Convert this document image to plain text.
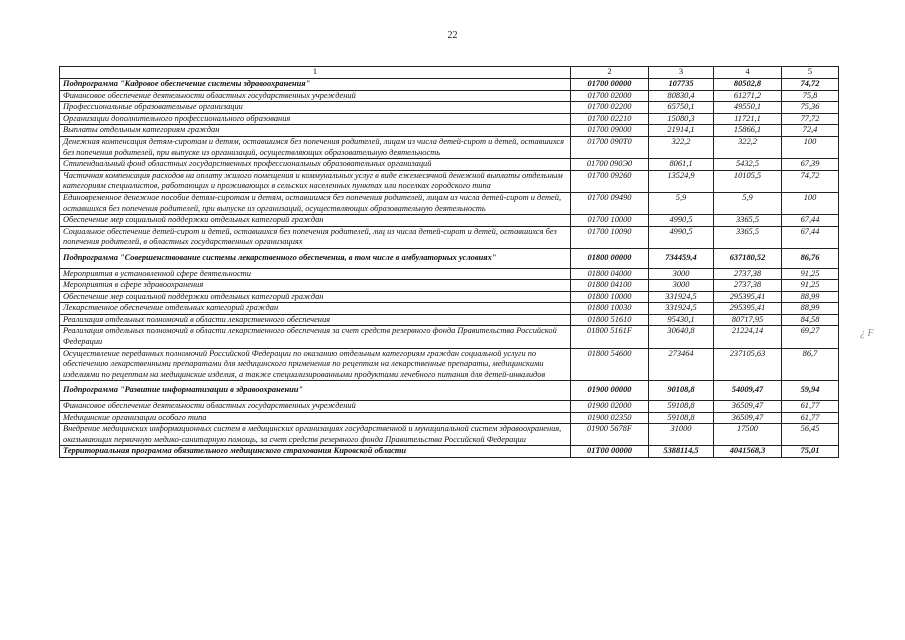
22
¿ F
1	2	3	4	5
Подпрограмма "Кадровое обеспечение системы здравоохранения"	01700 00000	107735	80502,8	74,72
Финансовое обеспечение деятельности областных государственных учреждений	01700 02000	80830,4	61271,2	75,8
Профессиональные образовательные организации	01700 02200	65750,1	49550,1	75,36
Организации дополнительного профессионального образования	01700 02210	15080,3	11721,1	77,72
Выплаты отдельным категориям граждан	01700 09000	21914,1	15866,1	72,4
Денежная компенсация детям-сиротам и детям, оставшимся без попечения родителей, лицам из числа детей-сирот и детей, оставшихся без попечения родителей, при выпуске из организаций, осуществляющих образовательную деятельность	01700 090Т0	322,2	322,2	100
Стипендиальный фонд областных государственных профессиональных образовательных организаций	01700 090Э0	8061,1	5432,5	67,39
Частичная компенсация расходов на оплату жилого помещения и коммунальных услуг в виде ежемесячной денежной выплаты отдельным категориям специалистов, работающих и проживающих в сельских населенных пунктах или поселках городского типа	01700 09260	13524,9	10105,5	74,72
Единовременное денежное пособие детям-сиротам и детям, оставшимся без попечения родителей, лицам из числа детей-сирот и детей, оставшихся без попечения родителей, при выпуске из организаций, осуществляющих образовательную деятельность	01700 09490	5,9	5,9	100
Обеспечение мер социальной поддержки отдельных категорий граждан	01700 10000	4990,5	3365,5	67,44
Социальное обеспечение детей-сирот и детей, оставшихся без попечения родителей, лиц из числа детей-сирот и детей, оставшихся без попечения родителей, в областных государственных организациях	01700 10090	4990,5	3365,5	67,44
Подпрограмма "Совершенствование системы лекарственного обеспечения, в том числе в амбулаторных условиях"	01800 00000	734459,4	637180,52	86,76
Мероприятия в установленной сфере деятельности	01800 04000	3000	2737,38	91,25
Мероприятия в сфере здравоохранения	01800 04100	3000	2737,38	91,25
Обеспечение мер социальной поддержки отдельных категорий граждан	01800 10000	331924,5	295395,41	88,99
Лекарственное обеспечение отдельных категорий граждан	01800 10030	331924,5	295395,41	88,99
Реализация отдельных полномочий в области лекарственного обеспечения	01800 51610	95430,1	80717,95	84,58
Реализация отдельных полномочий в области лекарственного обеспечения за счет средств резервного фонда Правительства Российской Федерации	01800 5161F	30640,8	21224,14	69,27
Осуществление переданных полномочий Российской Федерации по оказанию отдельным категориям граждан социальной услуги по обеспечению лекарственными препаратами для медицинского применения по рецептам на лекарственные препараты, медицинскими изделиями по рецептам на медицинские изделия, а также специализированными продуктами лечебного питания для детей-инвалидов	01800 54600	273464	237105,63	86,7
Подпрограмма "Развитие информатизации в здравоохранении"	01900 00000	90108,8	54009,47	59,94
Финансовое обеспечение деятельности областных государственных учреждений	01900 02000	59108,8	36509,47	61,77
Медицинские организации особого типа	01900 02350	59108,8	36509,47	61,77
Внедрение медицинских информационных систем в медицинских организациях государственной и муниципальной систем здравоохранения, оказывающих первичную медико-санитарную помощь, за счет средств резервного фонда Правительства Российской Федерации	01900 5678F	31000	17500	56,45
Территориальная программа обязательного медицинского страхования Кировской области	01Т00 00000	5388114,5	4041568,3	75,01
